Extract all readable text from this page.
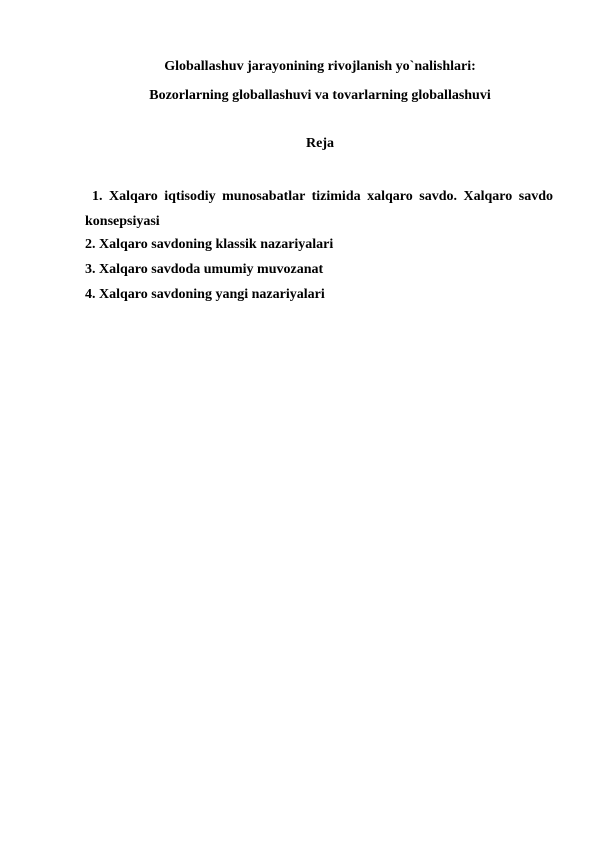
Globallashuv jarayonining rivojlanish yo`nalishlari:
Bozorlarning globallashuvi va tovarlarning globallashuvi
Reja
1. Xalqaro iqtisodiy munosabatlar tizimida xalqaro savdo. Xalqaro savdo konsepsiyasi
2. Xalqaro savdoning klassik nazariyalari
3. Xalqaro savdoda umumiy muvozanat
4. Xalqaro savdoning yangi nazariyalari
